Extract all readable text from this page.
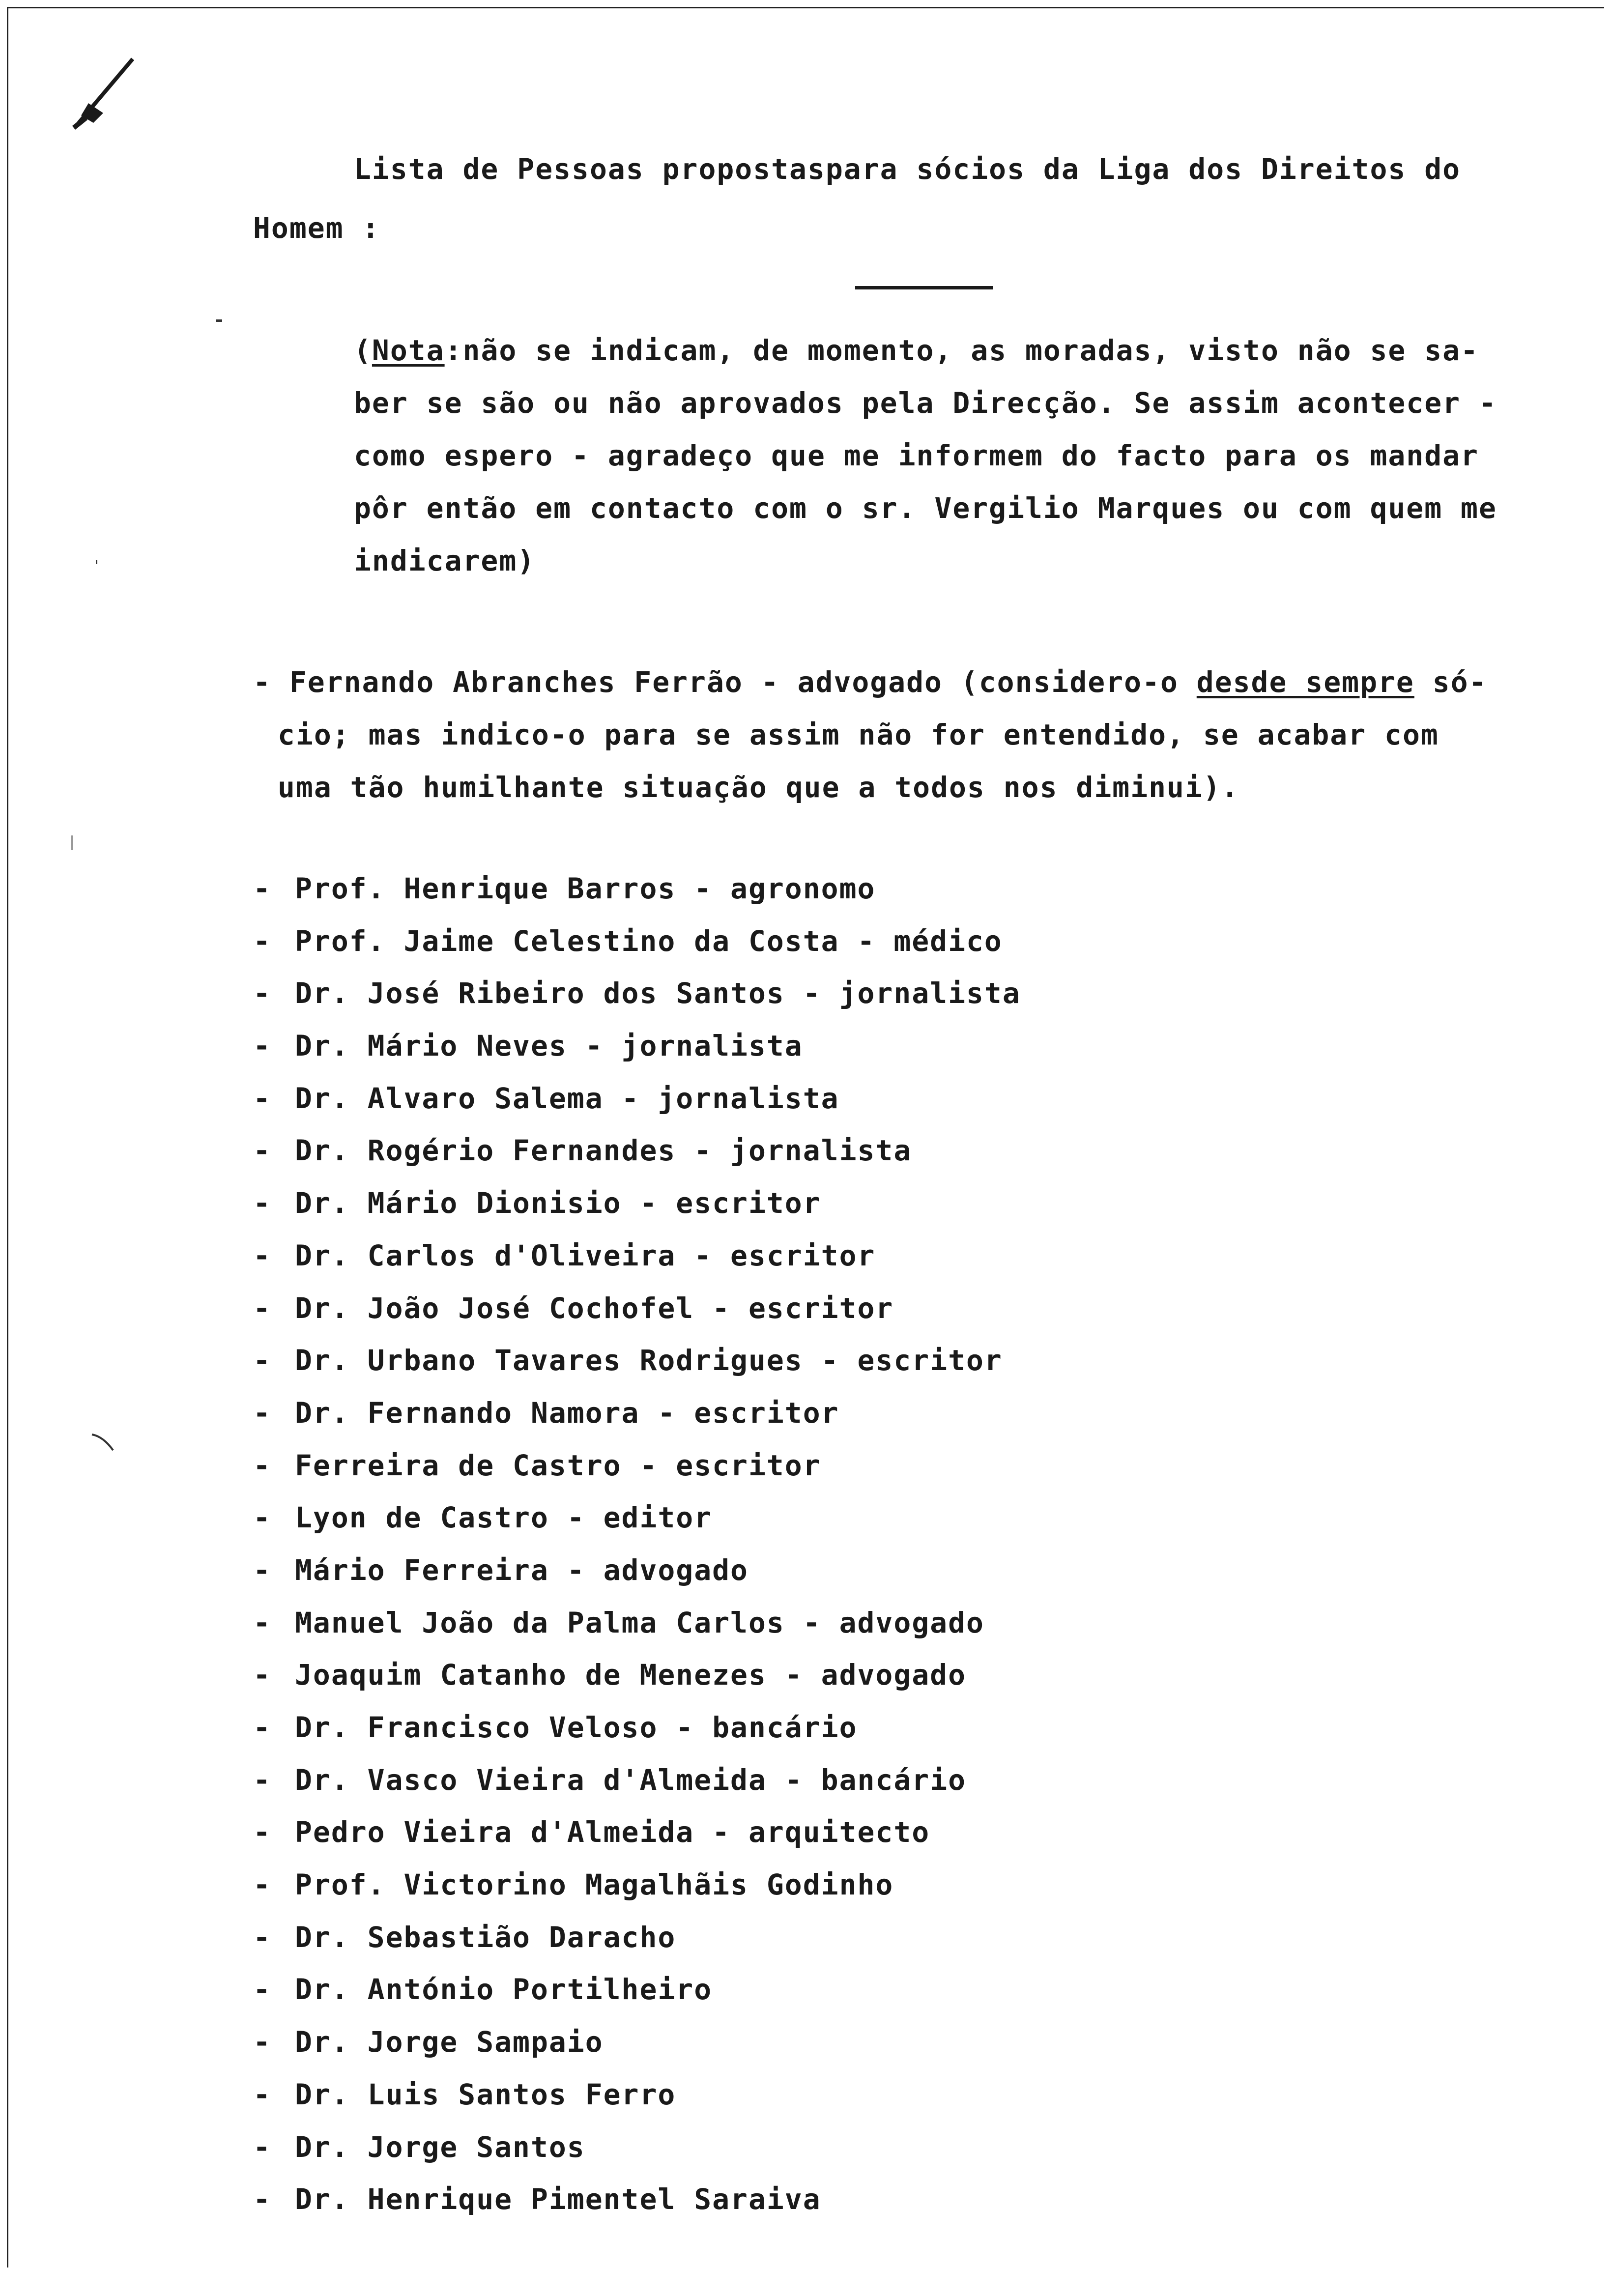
Lista de Pessoas propostaspara sócios da Liga dos Direitos do
Homem :
(Nota:não se indicam, de momento, as moradas, visto não se sa-
ber se são ou não aprovados pela Direcção. Se assim acontecer -
como espero - agradeço que me informem do facto para os mandar
pôr então em contacto com o sr. Vergilio Marques ou com quem me
indicarem)
- Fernando Abranches Ferrão - advogado (considero-o desde sempre só-
cio; mas indico-o para se assim não for entendido, se acabar com
uma tão humilhante situação que a todos nos diminui).
- Prof. Henrique Barros - agronomo
- Prof. Jaime Celestino da Costa - médico
- Dr. José Ribeiro dos Santos - jornalista
- Dr. Mário Neves - jornalista
- Dr. Alvaro Salema - jornalista
- Dr. Rogério Fernandes - jornalista
- Dr. Mário Dionisio - escritor
- Dr. Carlos d'Oliveira - escritor
- Dr. João José Cochofel - escritor
- Dr. Urbano Tavares Rodrigues - escritor
- Dr. Fernando Namora - escritor
- Ferreira de Castro - escritor
- Lyon de Castro - editor
- Mário Ferreira - advogado
- Manuel João da Palma Carlos - advogado
- Joaquim Catanho de Menezes - advogado
- Dr. Francisco Veloso - bancário
- Dr. Vasco Vieira d'Almeida - bancário
- Pedro Vieira d'Almeida - arquitecto
- Prof. Victorino Magalhãis Godinho
- Dr. Sebastião Daracho
- Dr. António Portilheiro
- Dr. Jorge Sampaio
- Dr. Luis Santos Ferro
- Dr. Jorge Santos
- Dr. Henrique Pimentel Saraiva
